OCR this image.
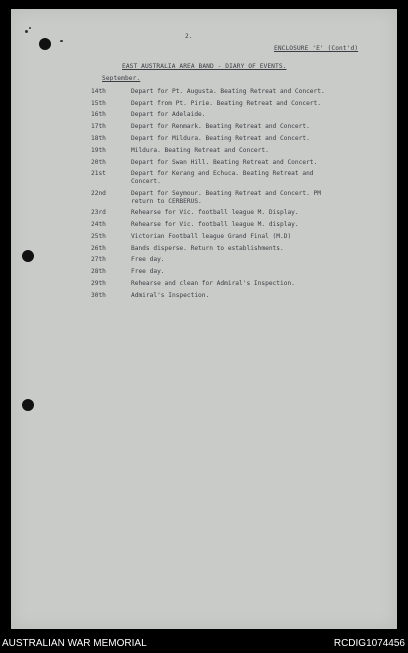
2.
ENCLOSURE 'E' (Cont'd)
EAST AUSTRALIA AREA BAND - DIARY OF EVENTS.
September.
14th	Depart for Pt. Augusta. Beating Retreat and Concert.
15th	Depart from Pt. Pirie. Beating Retreat and Concert.
16th	Depart for Adelaide.
17th	Depart for Renmark. Beating Retreat and Concert.
18th	Depart for Mildura. Beating Retreat and Concert.
19th	Mildura. Beating Retreat and Concert.
20th	Depart for Swan Hill. Beating Retreat and Concert.
21st	Depart for Kerang and Echuca. Beating Retreat and Concert.
22nd	Depart for Seymour. Beating Retreat and Concert. PM return to CERBERUS.
23rd	Rehearse for Vic. football league M. Display.
24th	Rehearse for Vic. football league M. display.
25th	Victorian Football league Grand Final (M.D)
26th	Bands disperse. Return to establishments.
27th	Free day.
28th	Free day.
29th	Rehearse and clean for Admiral's Inspection.
30th	Admiral's Inspection.
AUSTRALIAN WAR MEMORIAL	RCDIG1074456
